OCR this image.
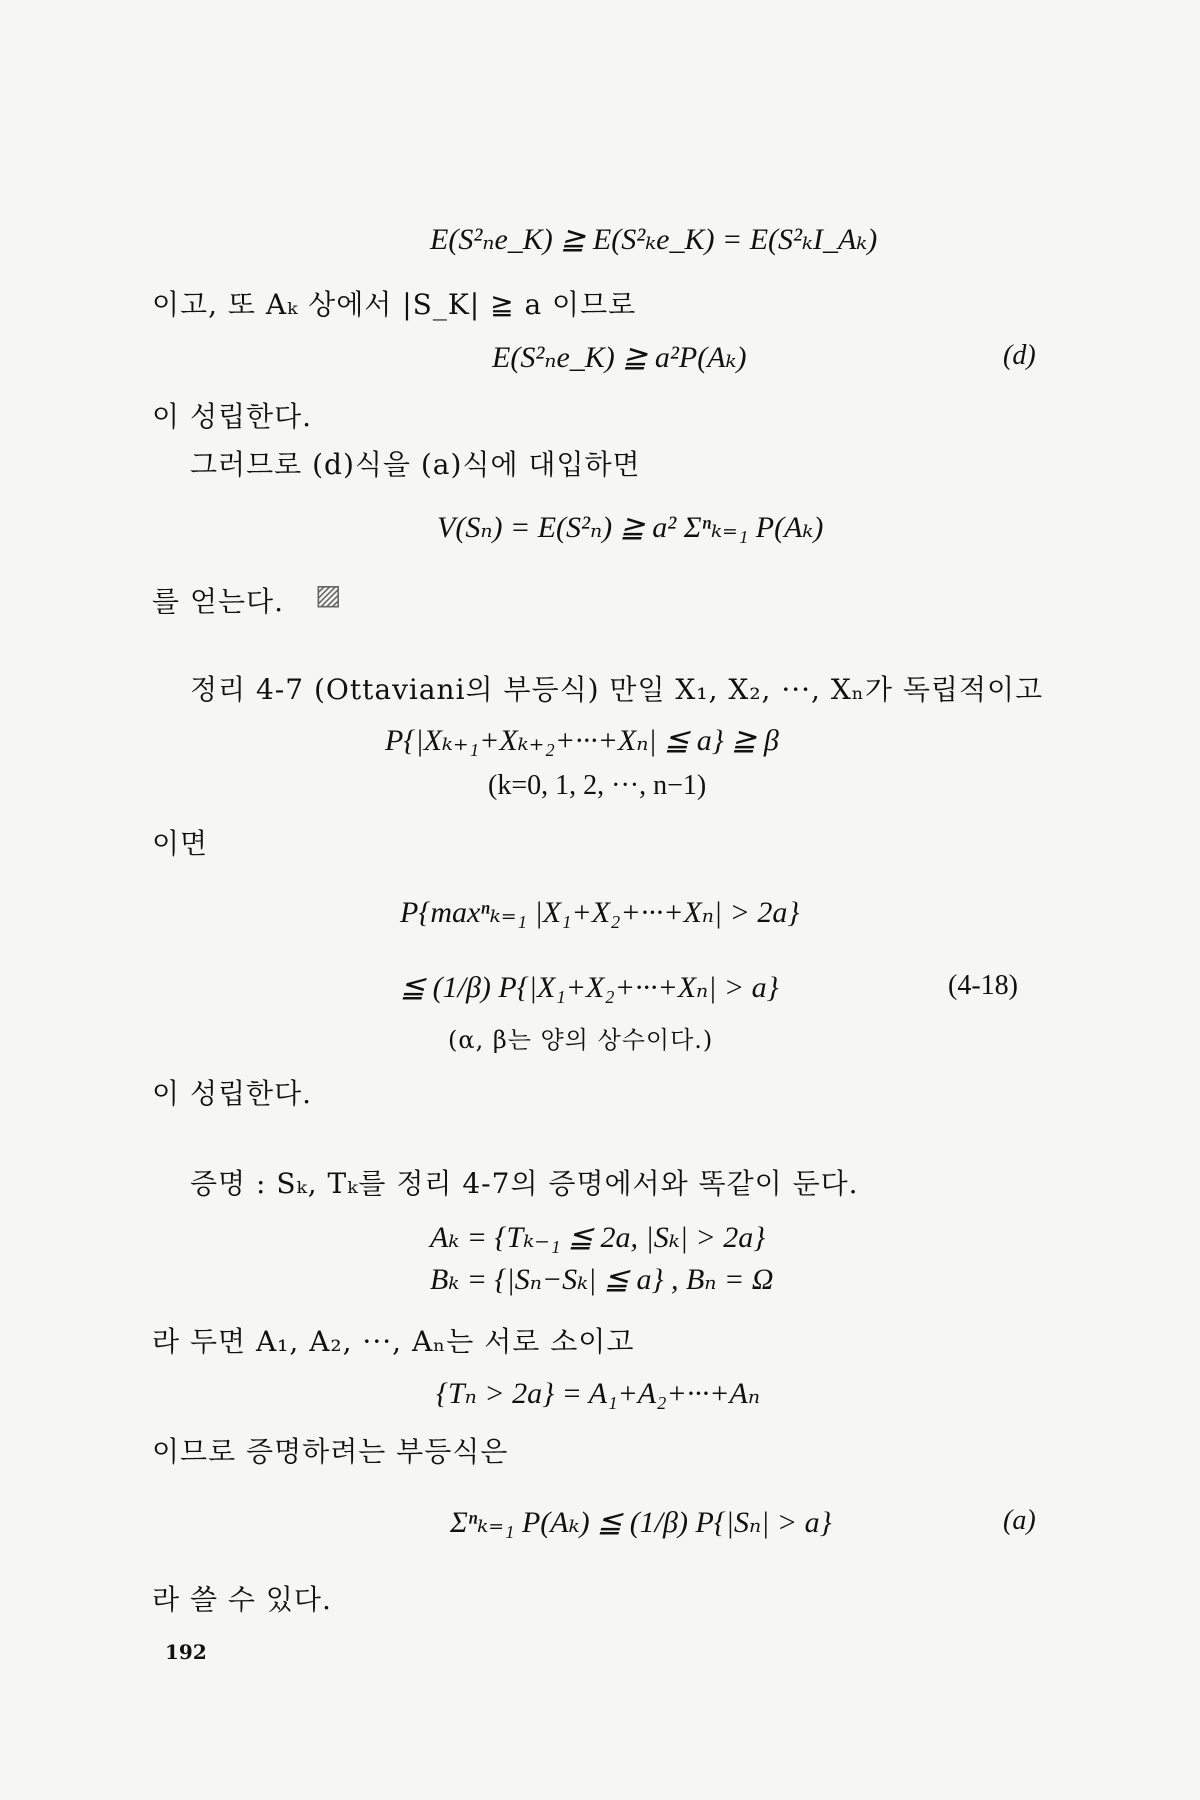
E(S²ₙe_K) ≧ E(S²ₖe_K) = E(S²ₖI_Aₖ)
이고, 또 Aₖ 상에서 |S_K| ≧ a 이므로
E(S²ₙe_K) ≧ a²P(Aₖ)	(d)
이 성립한다.
그러므로 (d)식을 (a)식에 대입하면
V(Sₙ) = E(S²ₙ) ≧ a² Σⁿₖ₌₁ P(Aₖ)
를 얻는다. ▨
정리 4-7 (Ottaviani의 부등식) 만일 X₁, X₂, ···, Xₙ가 독립적이고
P{|Xₖ₊₁+Xₖ₊₂+···+Xₙ| ≦ a} ≧ β
(k=0, 1, 2, ···, n−1)
이면
P{maxⁿₖ₌₁ |X₁+X₂+···+Xₙ| > 2a}
≦ (1/β) P{|X₁+X₂+···+Xₙ| > a}	(4-18)
(α, β는 양의 상수이다.)
이 성립한다.
증명 : Sₖ, Tₖ를 정리 4-7의 증명에서와 똑같이 둔다.
Aₖ = {Tₖ₋₁ ≦ 2a, |Sₖ| > 2a}
Bₖ = {|Sₙ−Sₖ| ≦ a} , Bₙ = Ω
라 두면 A₁, A₂, ···, Aₙ는 서로 소이고
{Tₙ > 2a} = A₁+A₂+···+Aₙ
이므로 증명하려는 부등식은
Σⁿₖ₌₁ P(Aₖ) ≦ (1/β) P{|Sₙ| > a}	(a)
라 쓸 수 있다.
192
